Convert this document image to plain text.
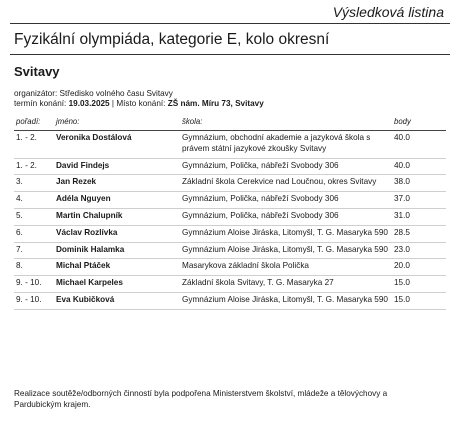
Výsledková listina
Fyzikální olympiáda, kategorie E, kolo okresní
Svitavy
organizátor: Středisko volného času Svitavy
termín konání: 19.03.2025 | Místo konání: ZŠ nám. Míru 73, Svitavy
pořadí:	jméno:	škola:	body
1. - 2.	Veronika Dostálová	Gymnázium, obchodní akademie a jazyková škola s právem státní jazykové zkoušky Svitavy	40.0
1. - 2.	David Findejs	Gymnázium, Polička, nábřeží Svobody 306	40.0
3.	Jan Rezek	Základní škola Cerekvice nad Loučnou, okres Svitavy	38.0
4.	Adéla Nguyen	Gymnázium, Polička, nábřeží Svobody 306	37.0
5.	Martin Chalupník	Gymnázium, Polička, nábřeží Svobody 306	31.0
6.	Václav Rozlívka	Gymnázium Aloise Jiráska, Litomyšl, T. G. Masaryka 590	28.5
7.	Dominik Halamka	Gymnázium Aloise Jiráska, Litomyšl, T. G. Masaryka 590	23.0
8.	Michal Ptáček	Masarykova základní škola Polička	20.0
9. - 10.	Michael Karpeles	Základní škola Svitavy, T. G. Masaryka 27	15.0
9. - 10.	Eva Kubičková	Gymnázium Aloise Jiráska, Litomyšl, T. G. Masaryka 590	15.0
Realizace soutěže/odborných činností byla podpořena Ministerstvem školství, mládeže a tělovýchovy a Pardubickým krajem.
